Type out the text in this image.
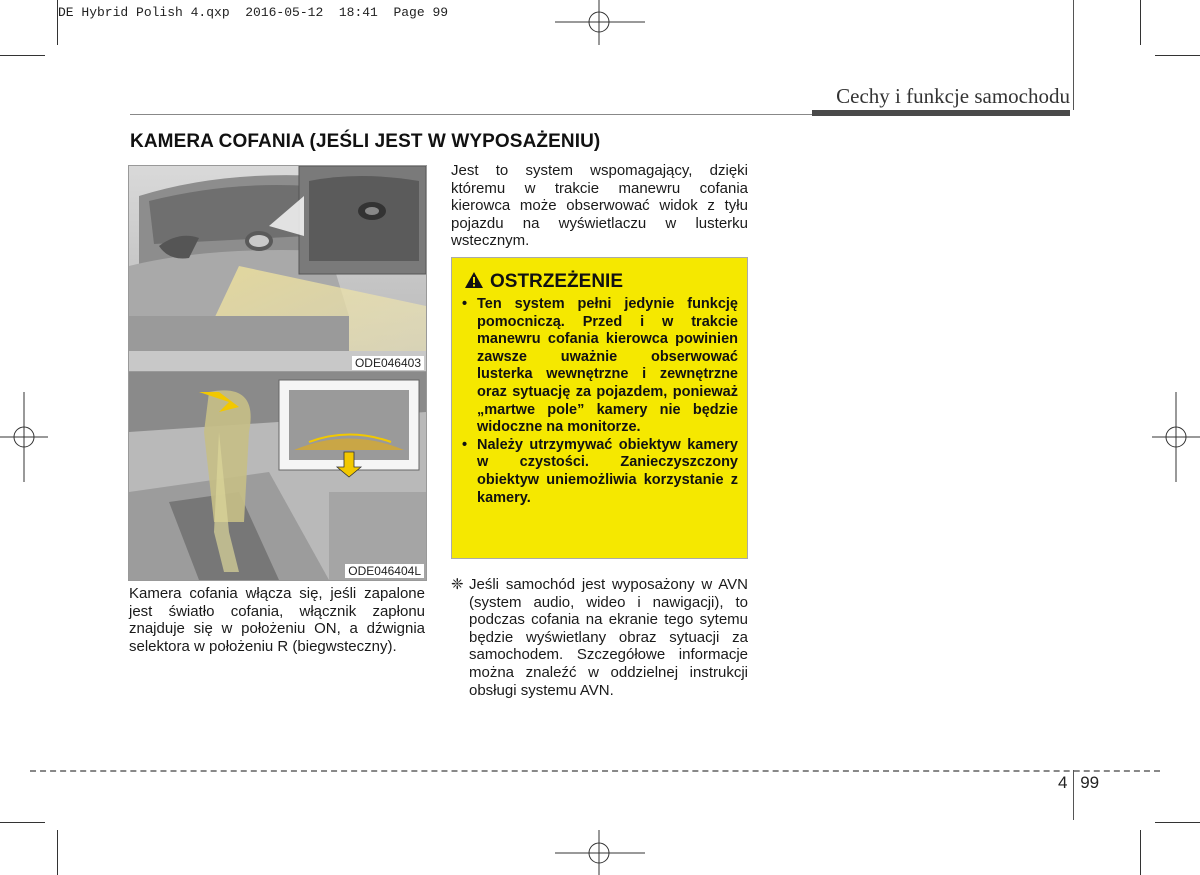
DE Hybrid Polish 4.qxp  2016-05-12  18:41  Page 99
Cechy i funkcje samochodu
KAMERA COFANIA (JEŚLI JEST W WYPOSAŻENIU)
ODE046403
ODE046404L
Kamera cofania włącza się, jeśli zapalone jest światło cofania, włącznik zapłonu znajduje się w położeniu ON, a dźwignia selektora w położeniu R (biegwsteczny).
Jest to system wspomagający, dzięki któremu w trakcie manewru cofania kierowca może obserwować widok z tyłu pojazdu na wyświetlaczu w lusterku wstecznym.
OSTRZEŻENIE
• Ten system pełni jedynie funkcję pomocniczą. Przed i w trakcie manewru cofania kierowca powinien zawsze uważnie obserwować lusterka wewnętrzne i zewnętrzne oraz sytuację za pojazdem, ponieważ „martwe pole” kamery nie będzie widoczne na monitorze.
• Należy utrzymywać obiektyw kamery w czystości. Zanieczyszczony obiektyw uniemożliwia korzystanie z kamery.
❈ Jeśli samochód jest wyposażony w AVN (system audio, wideo i nawigacji), to podczas cofania na ekranie tego sytemu będzie wyświetlany obraz sytuacji za samochodem. Szczegółowe informacje można znaleźć w oddzielnej instrukcji obsługi systemu AVN.
4 99
